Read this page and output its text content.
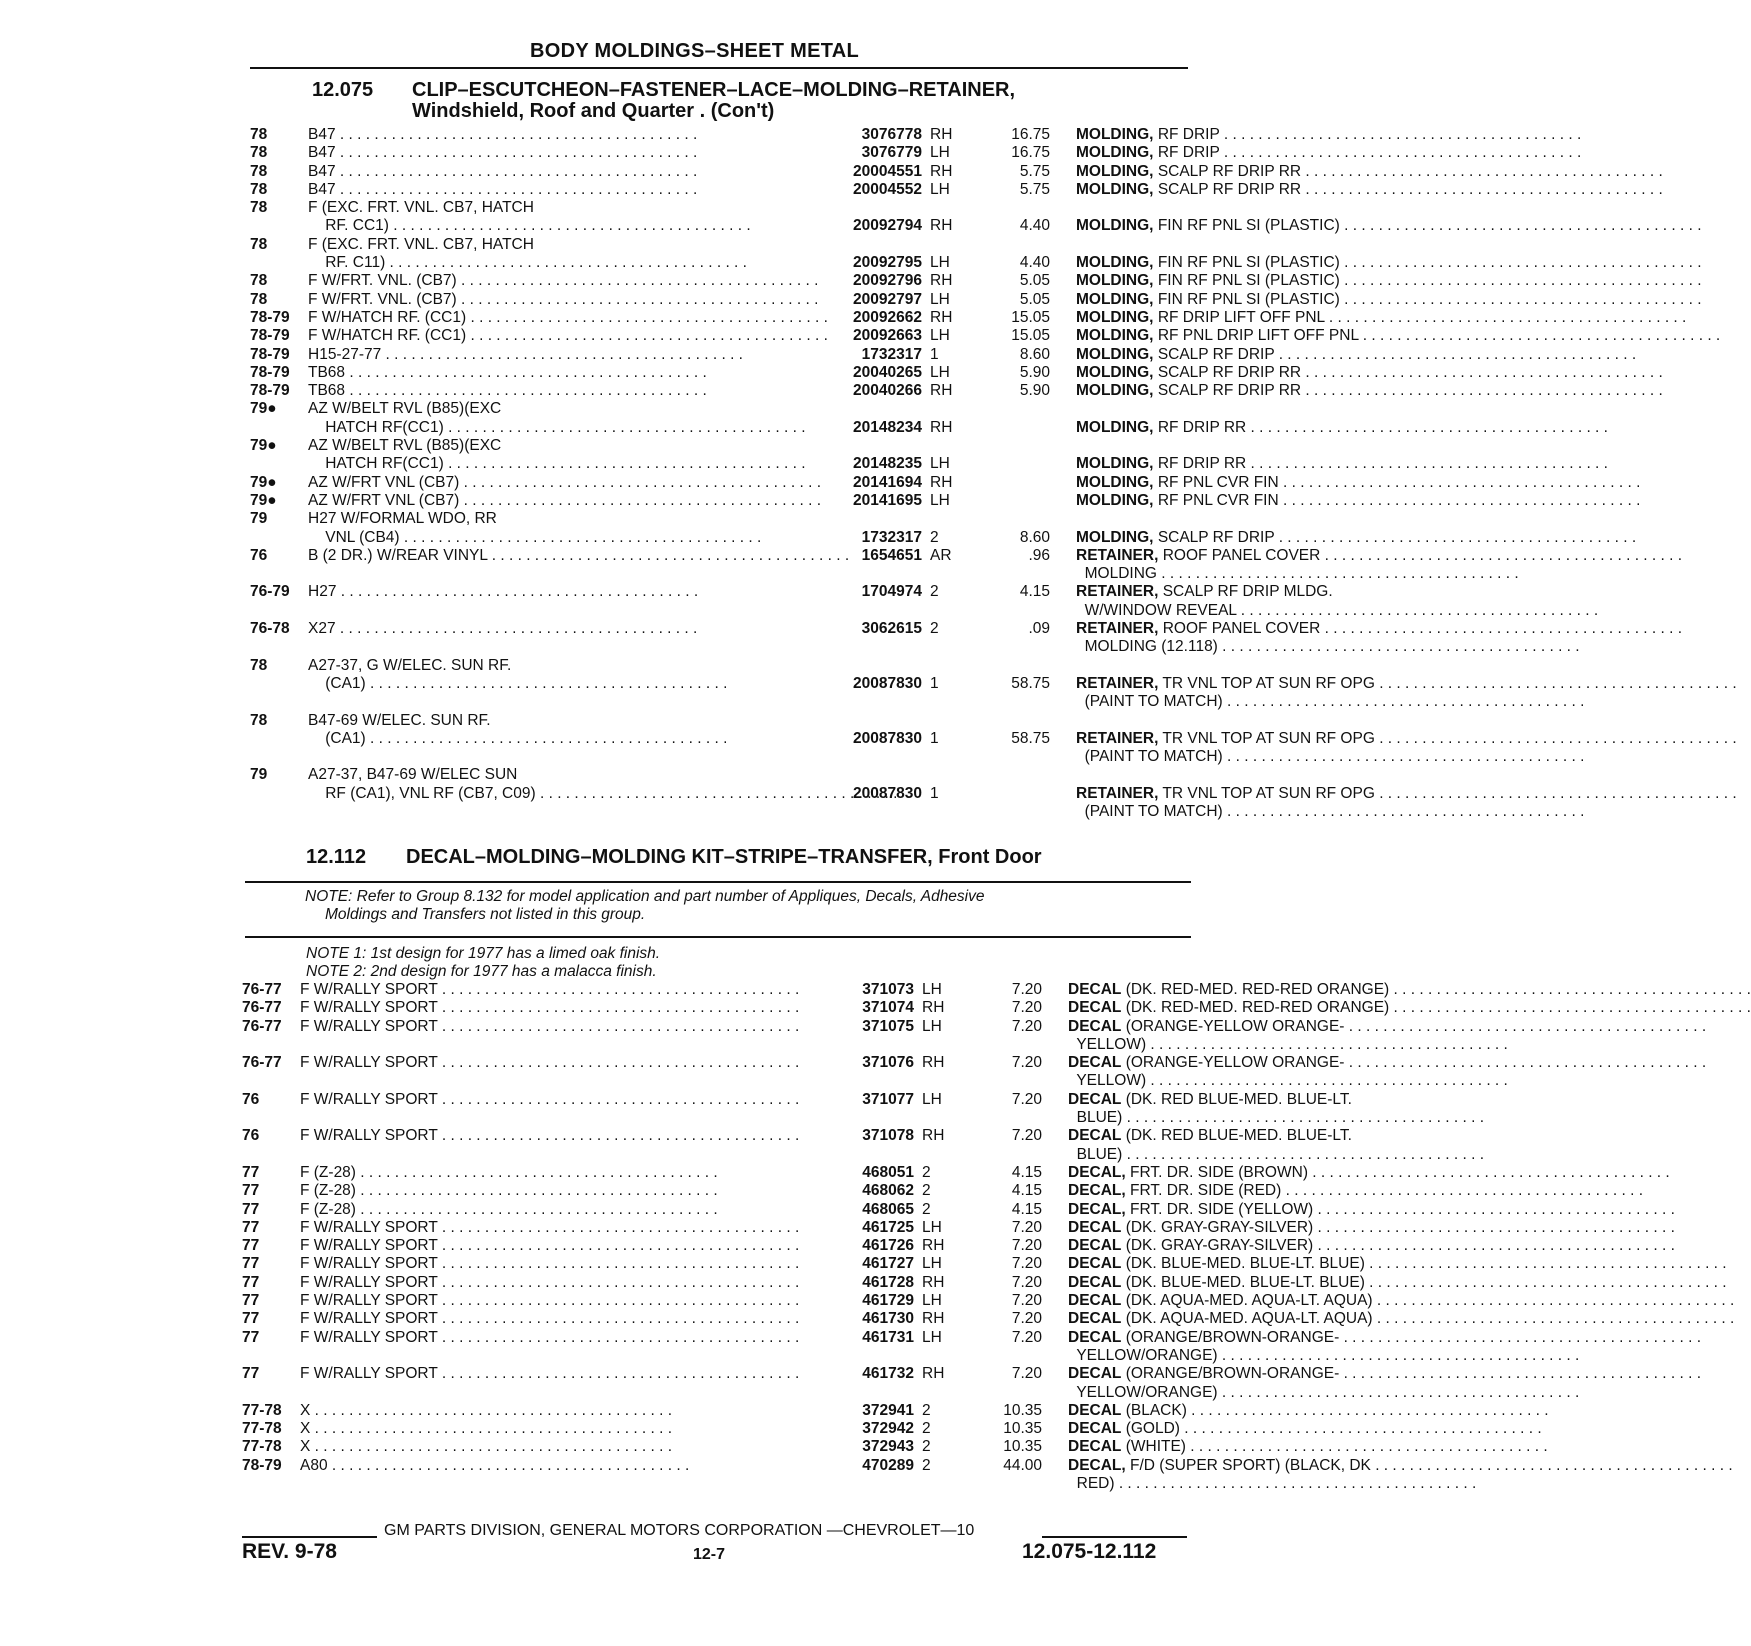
BODY MOLDINGS–SHEET METAL
12.075 CLIP–ESCUTCHEON–FASTENER–LACE–MOLDING–RETAINER,
Windshield, Roof and Quarter . (Con't)
78	B47 . . .	3076778 RH	16.75 MOLDING, RF DRIP . . .
78	B47 . . .	3076779 LH	16.75 MOLDING, RF DRIP . . .
78	B47 . . .	20004551 RH	5.75 MOLDING, SCALP RF DRIP RR . . .
78	B47 . . .	20004552 LH	5.75 MOLDING, SCALP RF DRIP RR . . .
78	F (EXC. FRT. VNL. CB7, HATCH

RF. CC1) . . .	20092794 RH	4.40 MOLDING, FIN RF PNL SI (PLASTIC) . . .
78	F (EXC. FRT. VNL. CB7, HATCH

RF. C11) . . .	20092795 LH	4.40 MOLDING, FIN RF PNL SI (PLASTIC) . . .
78	F W/FRT. VNL. (CB7) . . .	20092796 RH	5.05 MOLDING, FIN RF PNL SI (PLASTIC) . . .
78	F W/FRT. VNL. (CB7) . . .	20092797 LH	5.05 MOLDING, FIN RF PNL SI (PLASTIC) . . .
78-79	F W/HATCH RF. (CC1) . . .	20092662 RH	15.05 MOLDING, RF DRIP LIFT OFF PNL . . .
78-79	F W/HATCH RF. (CC1) . . .	20092663 LH	15.05 MOLDING, RF PNL DRIP LIFT OFF PNL . . .
78-79	H15-27-77 . . .	1732317 1	8.60 MOLDING, SCALP RF DRIP . . .
78-79	TB68 . . .	20040265 LH	5.90 MOLDING, SCALP RF DRIP RR . . .
78-79	TB68 . . .	20040266 RH	5.90 MOLDING, SCALP RF DRIP RR . . .
79●	AZ W/BELT RVL (B85)(EXC

HATCH RF(CC1) . . .	20148234 RH	MOLDING, RF DRIP RR . . .
79●	AZ W/BELT RVL (B85)(EXC

HATCH RF(CC1) . . .	20148235 LH	MOLDING, RF DRIP RR . . .
79●	AZ W/FRT VNL (CB7) . . .	20141694 RH	MOLDING, RF PNL CVR FIN . . .
79●	AZ W/FRT VNL (CB7) . . .	20141695 LH	MOLDING, RF PNL CVR FIN . . .
79	H27 W/FORMAL WDO, RR

VNL (CB4) . . .	1732317 2	8.60 MOLDING, SCALP RF DRIP . . .
76	B (2 DR.) W/REAR VINYL . . .	1654651 AR	.96 RETAINER, ROOF PANEL COVER . . .
MOLDING . . .
76-79	H27 . . .	1704974 2	4.15 RETAINER, SCALP RF DRIP MLDG.
W/WINDOW REVEAL . . .
76-78	X27 . . .	3062615 2	.09 RETAINER, ROOF PANEL COVER . . .
MOLDING (12.118) . . .
78	A27-37, G W/ELEC. SUN RF.

(CA1) . . .	20087830 1	58.75 RETAINER, TR VNL TOP AT SUN RF OPG . . .
(PAINT TO MATCH) . . .
78	B47-69 W/ELEC. SUN RF.

(CA1) . . .	20087830 1	58.75 RETAINER, TR VNL TOP AT SUN RF OPG . . .
(PAINT TO MATCH) . . .
79	A27-37, B47-69 W/ELEC SUN

RF (CA1), VNL RF (CB7, C09) . . .	20087830 1	RETAINER, TR VNL TOP AT SUN RF OPG . . .
(PAINT TO MATCH) . . .
12.112 DECAL–MOLDING–MOLDING KIT–STRIPE–TRANSFER, Front Door
NOTE: Refer to Group 8.132 for model application and part number of Appliques, Decals, Adhesive
Moldings and Transfers not listed in this group.
NOTE 1: 1st design for 1977 has a limed oak finish.
NOTE 2: 2nd design for 1977 has a malacca finish.
76-77	F W/RALLY SPORT . . .	371073 LH	7.20 DECAL (DK. RED-MED. RED-RED ORANGE) . . .
76-77	F W/RALLY SPORT . . .	371074 RH	7.20 DECAL (DK. RED-MED. RED-RED ORANGE) . . .
76-77	F W/RALLY SPORT . . .	371075 LH	7.20 DECAL (ORANGE-YELLOW ORANGE- . . .
YELLOW) . . .
76-77	F W/RALLY SPORT . . .	371076 RH	7.20 DECAL (ORANGE-YELLOW ORANGE- . . .
YELLOW) . . .
76	F W/RALLY SPORT . . .	371077 LH	7.20 DECAL (DK. RED BLUE-MED. BLUE-LT.
BLUE) . . .
76	F W/RALLY SPORT . . .	371078 RH	7.20 DECAL (DK. RED BLUE-MED. BLUE-LT.
BLUE) . . .
77	F (Z-28) . . .	468051 2	4.15 DECAL, FRT. DR. SIDE (BROWN) . . .
77	F (Z-28) . . .	468062 2	4.15 DECAL, FRT. DR. SIDE (RED) . . .
77	F (Z-28) . . .	468065 2	4.15 DECAL, FRT. DR. SIDE (YELLOW) . . .
77	F W/RALLY SPORT . . .	461725 LH	7.20 DECAL (DK. GRAY-GRAY-SILVER) . . .
77	F W/RALLY SPORT . . .	461726 RH	7.20 DECAL (DK. GRAY-GRAY-SILVER) . . .
77	F W/RALLY SPORT . . .	461727 LH	7.20 DECAL (DK. BLUE-MED. BLUE-LT. BLUE) . . .
77	F W/RALLY SPORT . . .	461728 RH	7.20 DECAL (DK. BLUE-MED. BLUE-LT. BLUE) . . .
77	F W/RALLY SPORT . . .	461729 LH	7.20 DECAL (DK. AQUA-MED. AQUA-LT. AQUA) . . .
77	F W/RALLY SPORT . . .	461730 RH	7.20 DECAL (DK. AQUA-MED. AQUA-LT. AQUA) . . .
77	F W/RALLY SPORT . . .	461731 LH	7.20 DECAL (ORANGE/BROWN-ORANGE- . . .
YELLOW/ORANGE) . . .
77	F W/RALLY SPORT . . .	461732 RH	7.20 DECAL (ORANGE/BROWN-ORANGE- . . .
YELLOW/ORANGE) . . .
77-78	X . . .	372941 2	10.35 DECAL (BLACK) . . .
77-78	X . . .	372942 2	10.35 DECAL (GOLD) . . .
77-78	X . . .	372943 2	10.35 DECAL (WHITE) . . .
78-79	A80 . . .	470289 2	44.00 DECAL, F/D (SUPER SPORT) (BLACK, DK . . .
RED) . . .
GM PARTS DIVISION, GENERAL MOTORS CORPORATION —CHEVROLET—10
REV. 9-78	12-7	12.075-12.112
